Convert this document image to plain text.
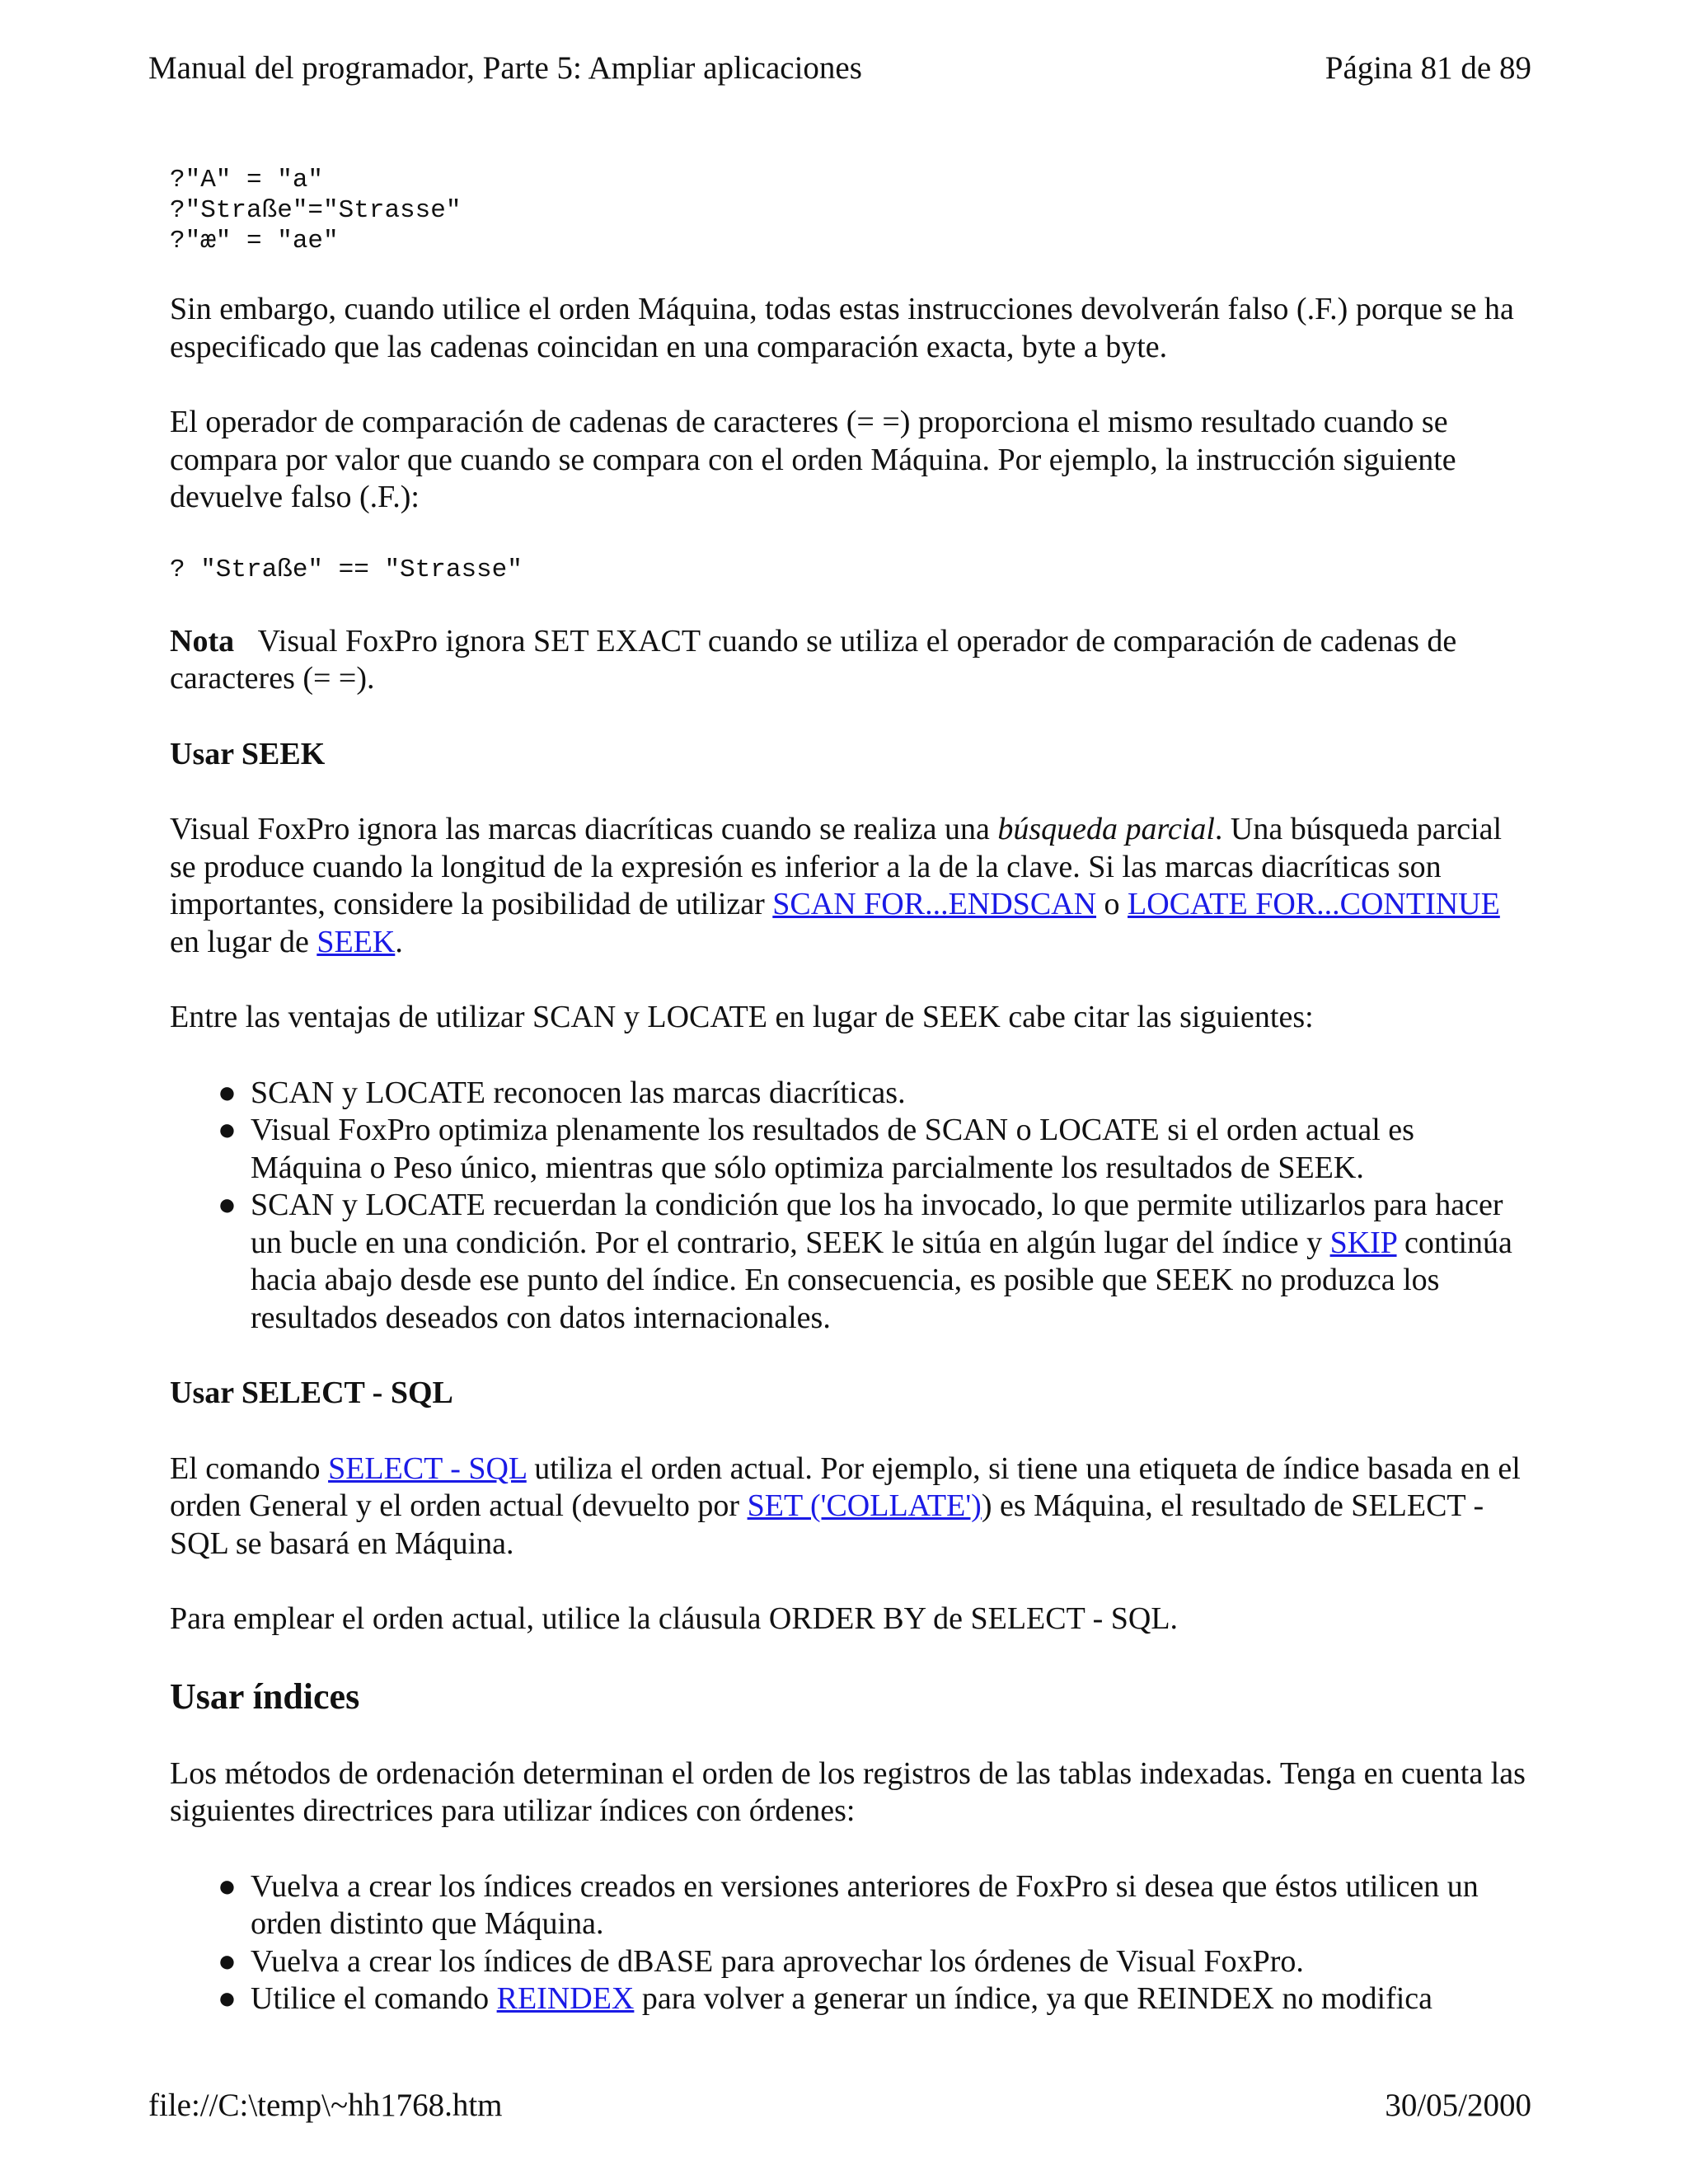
Manual del programador, Parte 5: Ampliar aplicaciones	Página 81 de 89
?"A" = "a"
?"Straße"="Strasse"
?"æ" = "ae"

Sin embargo, cuando utilice el orden Máquina, todas estas instrucciones devolverán falso (.F.) porque se ha especificado que las cadenas coincidan en una comparación exacta, byte a byte.

El operador de comparación de cadenas de caracteres (= =) proporciona el mismo resultado cuando se compara por valor que cuando se compara con el orden Máquina. Por ejemplo, la instrucción siguiente devuelve falso (.F.):

? "Straße" == "Strasse"

Nota Visual FoxPro ignora SET EXACT cuando se utiliza el operador de comparación de cadenas de caracteres (= =).

Usar SEEK

Visual FoxPro ignora las marcas diacríticas cuando se realiza una búsqueda parcial. Una búsqueda parcial se produce cuando la longitud de la expresión es inferior a la de la clave. Si las marcas diacríticas son importantes, considere la posibilidad de utilizar SCAN FOR...ENDSCAN o LOCATE FOR...CONTINUE en lugar de SEEK.

Entre las ventajas de utilizar SCAN y LOCATE en lugar de SEEK cabe citar las siguientes:

● SCAN y LOCATE reconocen las marcas diacríticas.
● Visual FoxPro optimiza plenamente los resultados de SCAN o LOCATE si el orden actual es Máquina o Peso único, mientras que sólo optimiza parcialmente los resultados de SEEK.
● SCAN y LOCATE recuerdan la condición que los ha invocado, lo que permite utilizarlos para hacer un bucle en una condición. Por el contrario, SEEK le sitúa en algún lugar del índice y SKIP continúa hacia abajo desde ese punto del índice. En consecuencia, es posible que SEEK no produzca los resultados deseados con datos internacionales.

Usar SELECT - SQL

El comando SELECT - SQL utiliza el orden actual. Por ejemplo, si tiene una etiqueta de índice basada en el orden General y el orden actual (devuelto por SET ('COLLATE')) es Máquina, el resultado de SELECT - SQL se basará en Máquina.

Para emplear el orden actual, utilice la cláusula ORDER BY de SELECT - SQL.

Usar índices

Los métodos de ordenación determinan el orden de los registros de las tablas indexadas. Tenga en cuenta las siguientes directrices para utilizar índices con órdenes:

● Vuelva a crear los índices creados en versiones anteriores de FoxPro si desea que éstos utilicen un orden distinto que Máquina.
● Vuelva a crear los índices de dBASE para aprovechar los órdenes de Visual FoxPro.
● Utilice el comando REINDEX para volver a generar un índice, ya que REINDEX no modifica
file://C:\temp\~hh1768.htm	30/05/2000
